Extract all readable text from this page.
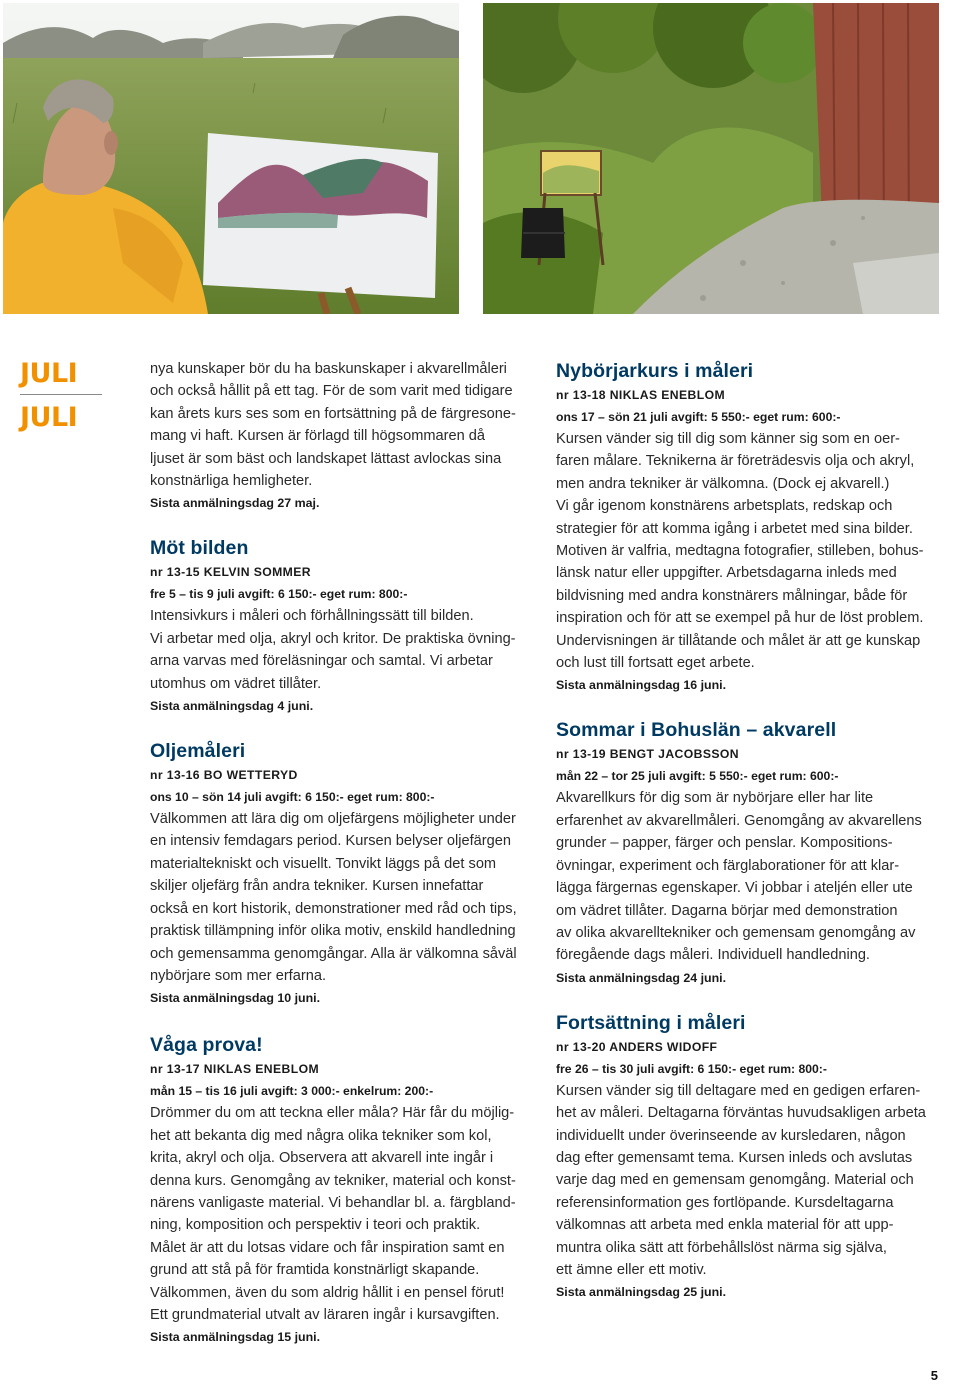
JULI
JULI
nya kunskaper bör du ha baskunskaper i akvarellmåleri
och också hållit på ett tag. För de som varit med tidigare
kan årets kurs ses som en fortsättning på de färgresone-
mang vi haft. Kursen är förlagd till högsommaren då
ljuset är som bäst och landskapet lättast avlockas sina
konstnärliga hemligheter.

Sista anmälningsdag 27 maj.

Möt bilden

nr 13-15 KELVIN SOMMER

fre 5 – tis 9 juli avgift: 6 150:- eget rum: 800:-

Intensivkurs i måleri och förhållningssätt till bilden.
Vi arbetar med olja, akryl och kritor. De praktiska övning-
arna varvas med föreläsningar och samtal. Vi arbetar
utomhus om vädret tillåter.

Sista anmälningsdag 4 juni.

Oljemåleri

nr 13-16 BO WETTERYD

ons 10 – sön 14 juli avgift: 6 150:- eget rum: 800:-

Välkommen att lära dig om oljefärgens möjligheter under
en intensiv femdagars period. Kursen belyser oljefärgen
materialtekniskt och visuellt. Tonvikt läggs på det som
skiljer oljefärg från andra tekniker. Kursen innefattar
också en kort historik, demonstrationer med råd och tips,
praktisk tillämpning inför olika motiv, enskild handledning
och gemensamma genomgångar. Alla är välkomna såväl
nybörjare som mer erfarna.

Sista anmälningsdag 10 juni.

Våga prova!

nr 13-17 NIKLAS ENEBLOM

mån 15 – tis 16 juli avgift: 3 000:- enkelrum: 200:-

Drömmer du om att teckna eller måla? Här får du möjlig-
het att bekanta dig med några olika tekniker som kol,
krita, akryl och olja. Observera att akvarell inte ingår i
denna kurs. Genomgång av tekniker, material och konst-
närens vanligaste material. Vi behandlar bl. a. färgbland-
ning, komposition och perspektiv i teori och praktik.
Målet är att du lotsas vidare och får inspiration samt en
grund att stå på för framtida konstnärligt skapande.
Välkommen, även du som aldrig hållit i en pensel förut!
Ett grundmaterial utvalt av läraren ingår i kursavgiften.

Sista anmälningsdag 15 juni.

Nybörjarkurs i måleri

nr 13-18 NIKLAS ENEBLOM

ons 17 – sön 21 juli avgift: 5 550:- eget rum: 600:-

Kursen vänder sig till dig som känner sig som en oer-
faren målare. Teknikerna är företrädesvis olja och akryl,
men andra tekniker är välkomna. (Dock ej akvarell.)
Vi går igenom konstnärens arbetsplats, redskap och
strategier för att komma igång i arbetet med sina bilder.
Motiven är valfria, medtagna fotografier, stilleben, bohus-
länsk natur eller uppgifter. Arbetsdagarna inleds med
bildvisning med andra konstnärers målningar, både för
inspiration och för att se exempel på hur de löst problem.
Undervisningen är tillåtande och målet är att ge kunskap
och lust till fortsatt eget arbete.

Sista anmälningsdag 16 juni.

Sommar i Bohuslän – akvarell

nr 13-19 BENGT JACOBSSON

mån 22 – tor 25 juli avgift: 5 550:- eget rum: 600:-

Akvarellkurs för dig som är nybörjare eller har lite
erfarenhet av akvarellmåleri. Genomgång av akvarellens
grunder – papper, färger och penslar. Kompositions-
övningar, experiment och färglaborationer för att klar-
lägga färgernas egenskaper. Vi jobbar i ateljén eller ute
om vädret tillåter. Dagarna börjar med demonstration
av olika akvarelltekniker och gemensam genomgång av
föregående dags måleri. Individuell handledning.

Sista anmälningsdag 24 juni.

Fortsättning i måleri

nr 13-20 ANDERS WIDOFF

fre 26 – tis 30 juli avgift: 6 150:- eget rum: 800:-

Kursen vänder sig till deltagare med en gedigen erfaren-
het av måleri. Deltagarna förväntas huvudsakligen arbeta
individuellt under överinseende av kursledaren, någon
dag efter gemensamt tema. Kursen inleds och avslutas
varje dag med en gemensam genomgång. Material och
referensinformation ges fortlöpande. Kursdeltagarna
välkomnas att arbeta med enkla material för att upp-
muntra olika sätt att förbehållslöst närma sig själva,
ett ämne eller ett motiv.

Sista anmälningsdag 25 juni.

5
